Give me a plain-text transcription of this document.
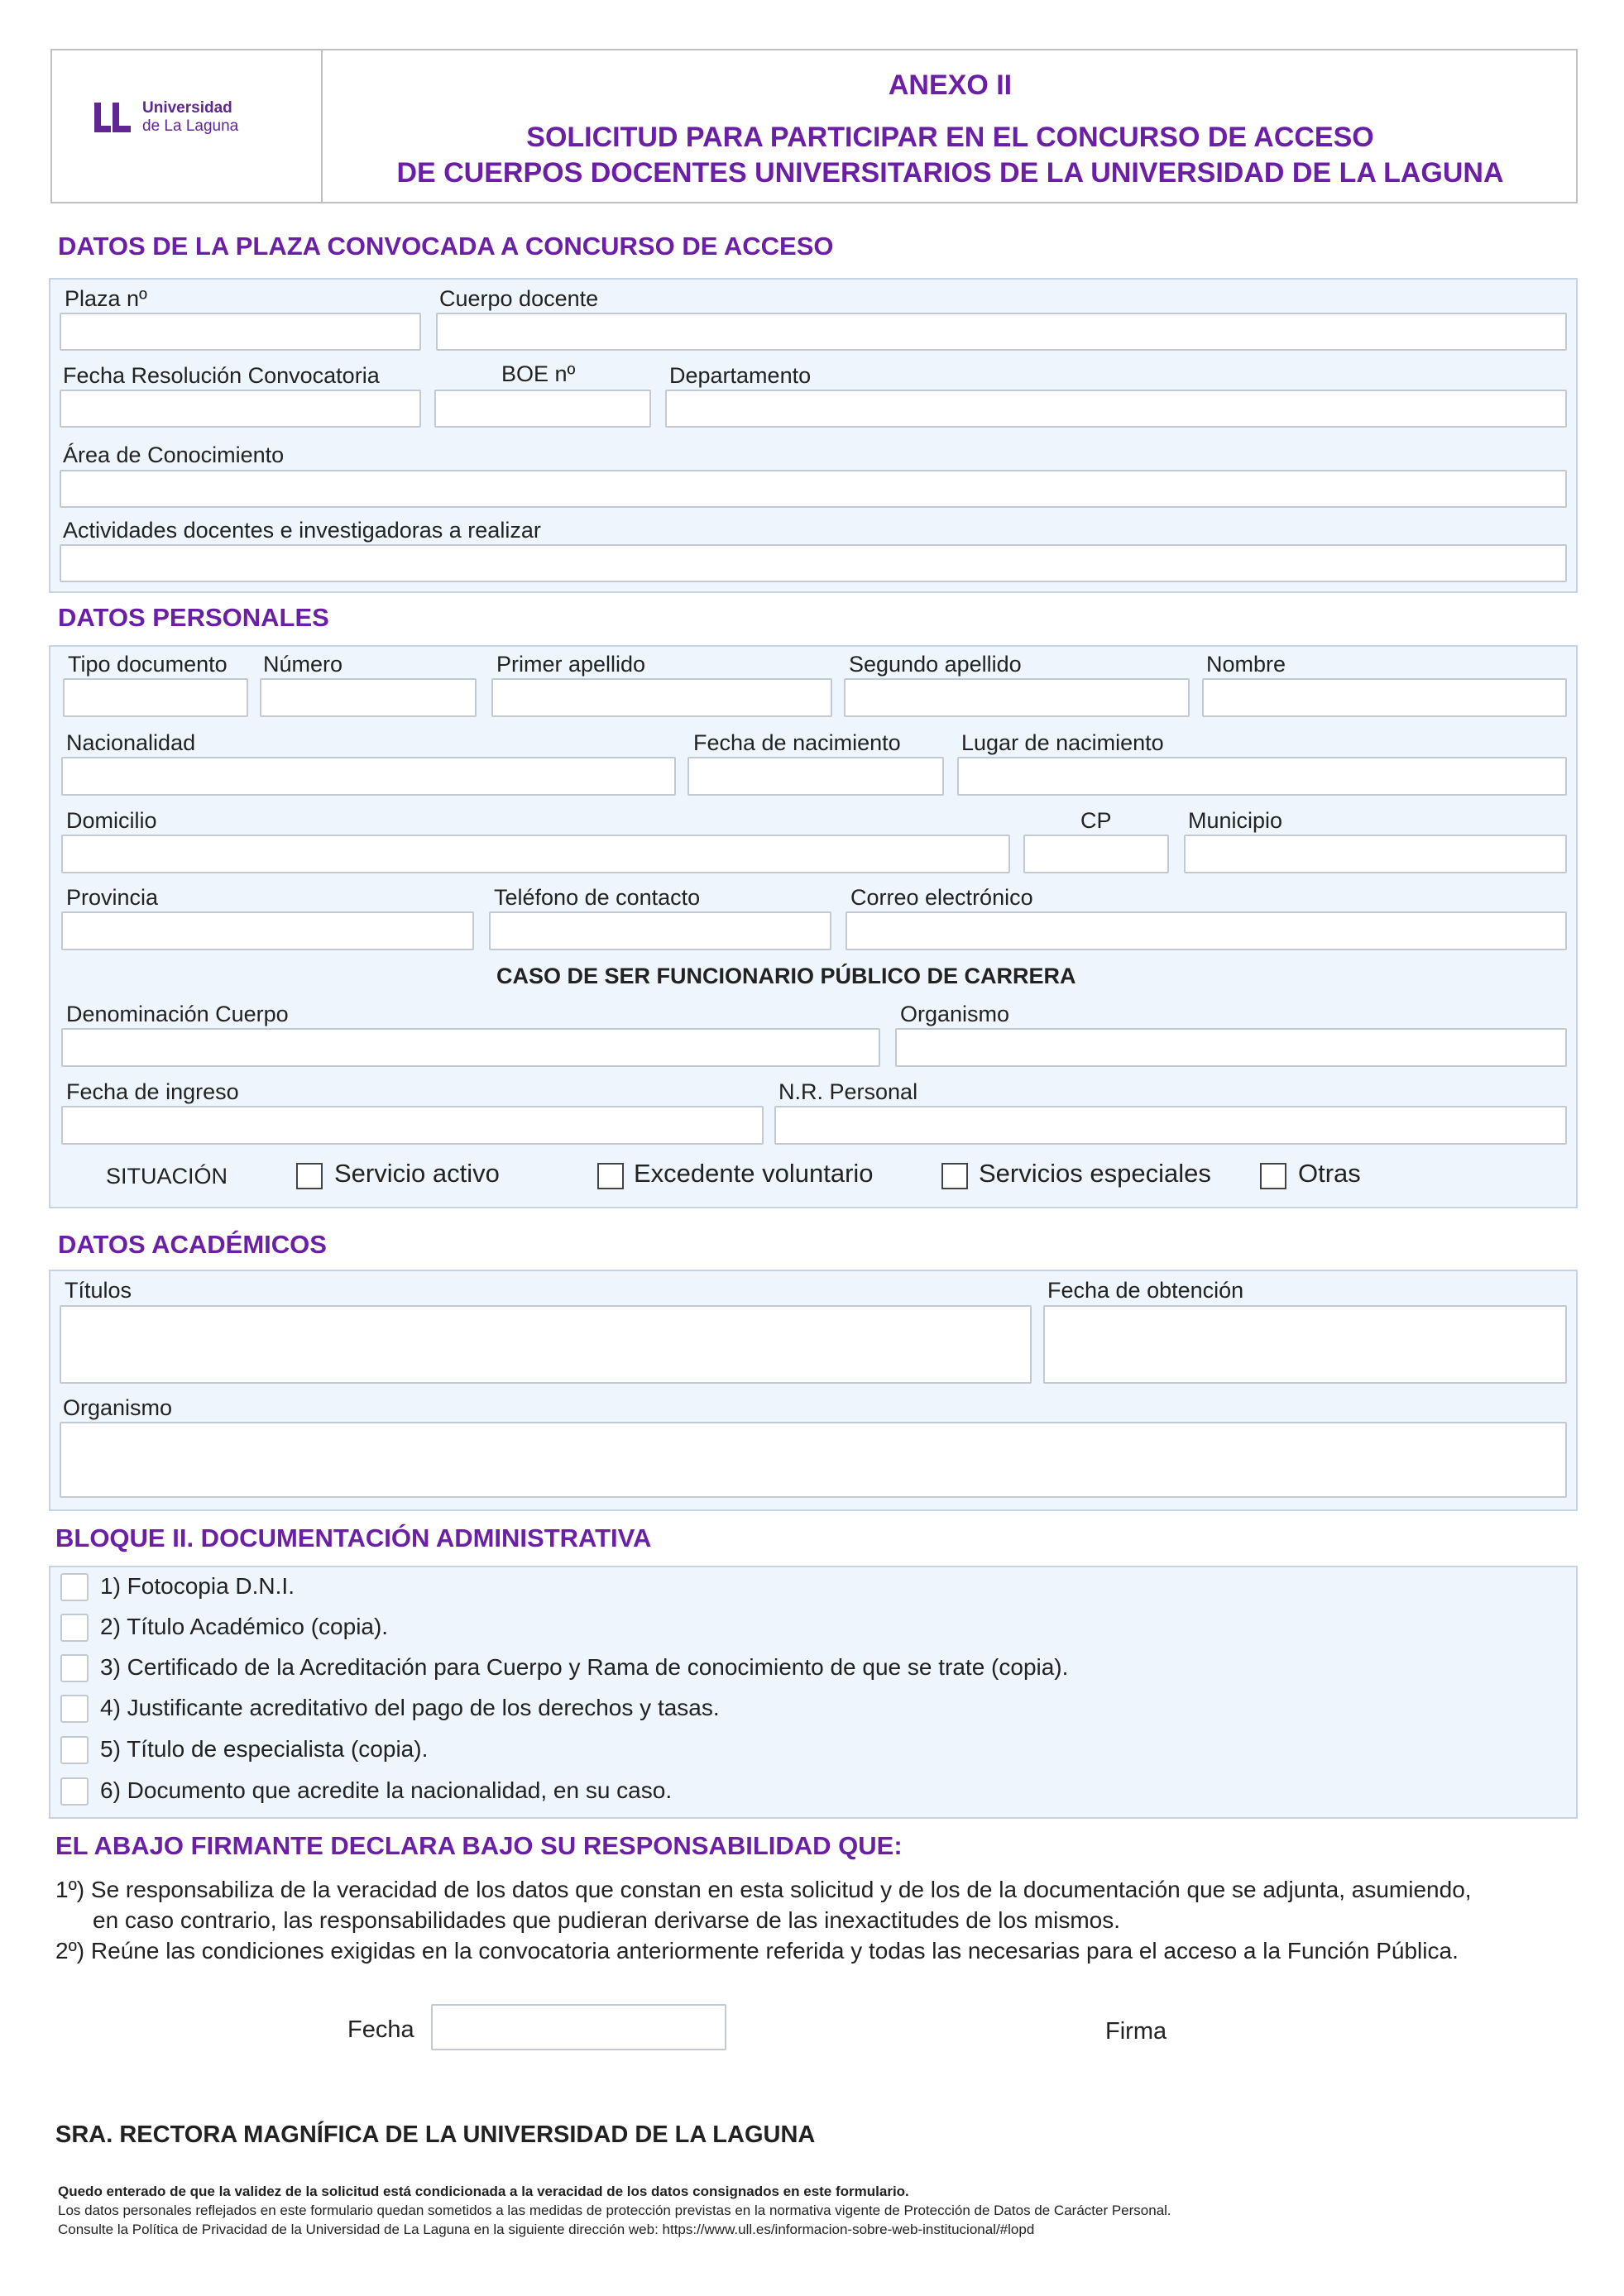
Universidad
de La Laguna
ANEXO II
SOLICITUD PARA PARTICIPAR EN EL CONCURSO DE ACCESO
DE CUERPOS DOCENTES UNIVERSITARIOS DE LA UNIVERSIDAD DE LA LAGUNA
DATOS DE LA PLAZA CONVOCADA A CONCURSO DE ACCESO
Plaza nº	Cuerpo docente
Fecha Resolución Convocatoria	BOE nº	Departamento
Área de Conocimiento
Actividades docentes e investigadoras a realizar
DATOS PERSONALES
Tipo documento Número	Primer apellido	Segundo apellido	Nombre
Nacionalidad	Fecha de nacimiento	Lugar de nacimiento
Domicilio	CP	Municipio
Provincia	Teléfono de contacto	Correo electrónico
CASO DE SER FUNCIONARIO PÚBLICO DE CARRERA
Denominación Cuerpo	Organismo
Fecha de ingreso	N.R. Personal
SITUACIÓN	Servicio activo	Excedente voluntario	Servicios especiales	Otras
DATOS ACADÉMICOS
Títulos	Fecha de obtención
Organismo
BLOQUE II. DOCUMENTACIÓN ADMINISTRATIVA
1) Fotocopia D.N.I.
2) Título Académico (copia).
3) Certificado de la Acreditación para Cuerpo y Rama de conocimiento de que se trate (copia).
4) Justificante acreditativo del pago de los derechos y tasas.
5) Título de especialista (copia).
6) Documento que acredite la nacionalidad, en su caso.
EL ABAJO FIRMANTE DECLARA BAJO SU RESPONSABILIDAD QUE:
1º) Se responsabiliza de la veracidad de los datos que constan en esta solicitud y de los de la documentación que se adjunta, asumiendo,
en caso contrario, las responsabilidades que pudieran derivarse de las inexactitudes de los mismos.
2º) Reúne las condiciones exigidas en la convocatoria anteriormente referida y todas las necesarias para el acceso a la Función Pública.
Fecha	Firma
SRA. RECTORA MAGNÍFICA DE LA UNIVERSIDAD DE LA LAGUNA
Quedo enterado de que la validez de la solicitud está condicionada a la veracidad de los datos consignados en este formulario.
Los datos personales reflejados en este formulario quedan sometidos a las medidas de protección previstas en la normativa vigente de Protección de Datos de Carácter Personal.
Consulte la Política de Privacidad de la Universidad de La Laguna en la siguiente dirección web: https://www.ull.es/informacion-sobre-web-institucional/#lopd
